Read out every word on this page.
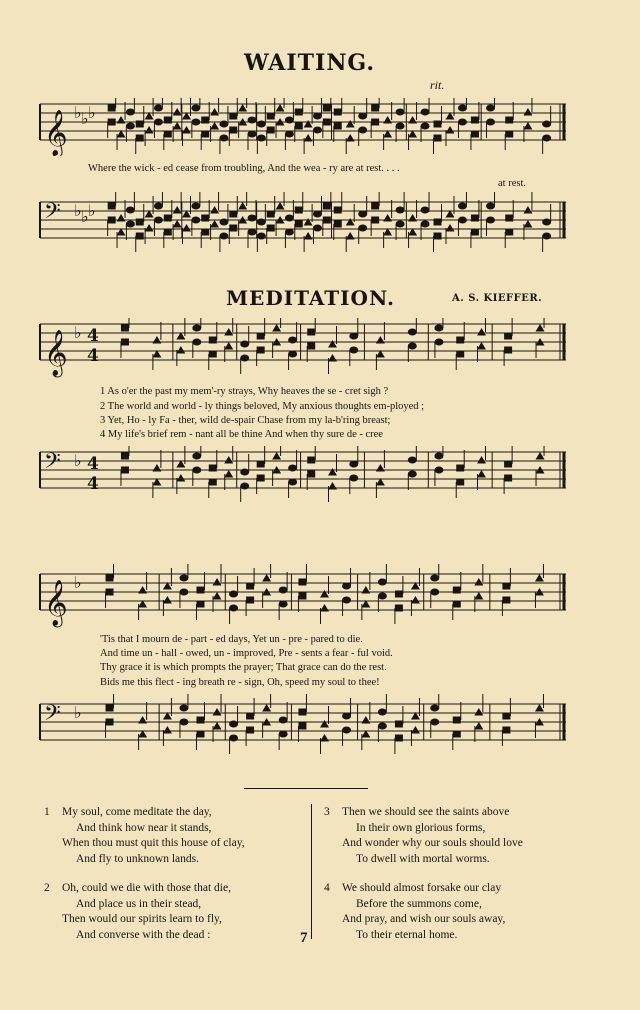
WAITING.
rit.
𝄞 ♭ ♭ ♭
Where the wick - ed cease from troubling, And the wea - ry are at rest. . . .
at rest.
𝄢 ♭ ♭ ♭
MEDITATION.	A. S. KIEFFER.
𝄞 ♭ 4
4
1 As o'er the past my mem'-ry strays, Why heaves the se - cret sigh ?
2 The world and world - ly things beloved, My anxious thoughts em-ployed ;
3 Yet, Ho - ly Fa - ther, wild de-spair Chase from my la-b'ring breast;
4 My life's brief rem - nant all be thine And when thy sure de - cree
𝄢 ♭ 4
4
𝄞 ♭
'Tis that I mourn de - part - ed days, Yet un - pre - pared to die.
And time un - hall - owed, un - improved, Pre - sents a fear - ful void.
Thy grace it is which prompts the prayer; That grace can do the rest.
Bids me this flect - ing breath re - sign, Oh, speed my soul to thee!
𝄢 ♭
1 My soul, come meditate the day,
And think how near it stands,
When thou must quit this house of clay,
And fly to unknown lands.
2 Oh, could we die with those that die,
And place us in their stead,
Then would our spirits learn to fly,
And converse with the dead :
3 Then we should see the saints above
In their own glorious forms,
And wonder why our souls should love
To dwell with mortal worms.
4 We should almost forsake our clay
Before the summons come,
And pray, and wish our souls away,
To their eternal home.
7
